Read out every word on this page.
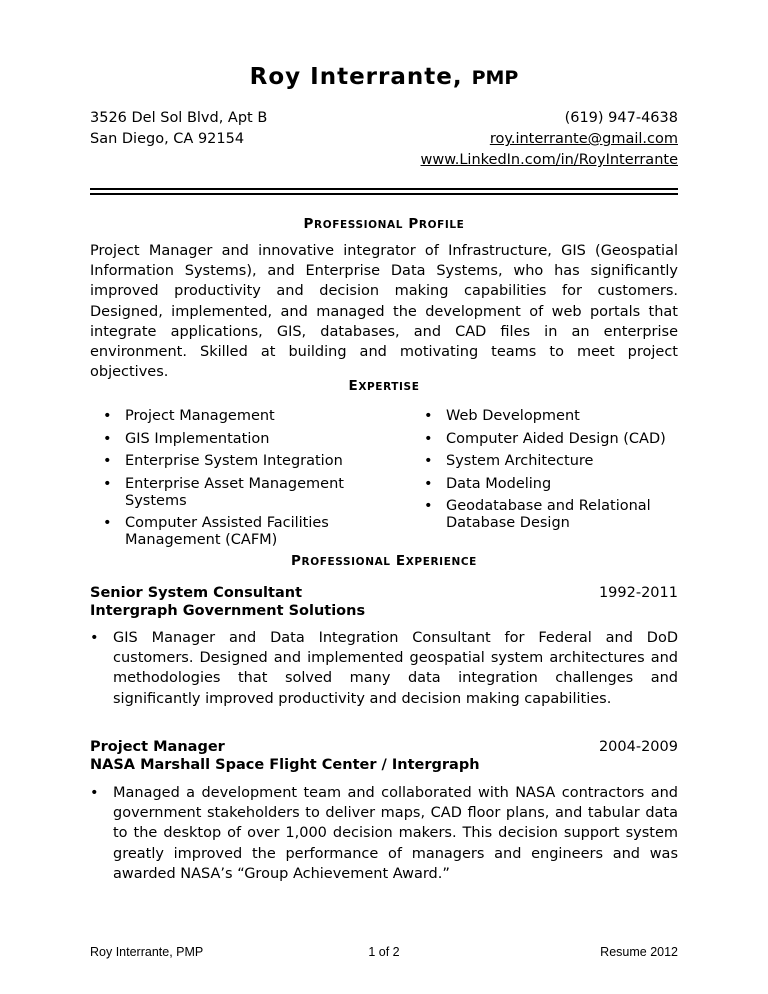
Roy Interrante, PMP
3526 Del Sol Blvd, Apt B
San Diego, CA 92154
(619) 947-4638
roy.interrante@gmail.com
www.LinkedIn.com/in/RoyInterrante
PROFESSIONAL PROFILE
Project Manager and innovative integrator of Infrastructure, GIS (Geospatial Information Systems), and Enterprise Data Systems, who has significantly improved productivity and decision making capabilities for customers. Designed, implemented, and managed the development of web portals that integrate applications, GIS, databases, and CAD files in an enterprise environment. Skilled at building and motivating teams to meet project objectives.
EXPERTISE
• Project Management
• GIS Implementation
• Enterprise System Integration
• Enterprise Asset Management Systems
• Computer Assisted Facilities Management (CAFM)
• Web Development
• Computer Aided Design (CAD)
• System Architecture
• Data Modeling
• Geodatabase and Relational Database Design
PROFESSIONAL EXPERIENCE
Senior System Consultant
Intergraph Government Solutions
1992-2011
• GIS Manager and Data Integration Consultant for Federal and DoD customers. Designed and implemented geospatial system architectures and methodologies that solved many data integration challenges and significantly improved productivity and decision making capabilities.
Project Manager
NASA Marshall Space Flight Center / Intergraph
2004-2009
• Managed a development team and collaborated with NASA contractors and government stakeholders to deliver maps, CAD floor plans, and tabular data to the desktop of over 1,000 decision makers. This decision support system greatly improved the performance of managers and engineers and was awarded NASA’s “Group Achievement Award.”
Roy Interrante, PMP	1 of 2	Resume 2012
